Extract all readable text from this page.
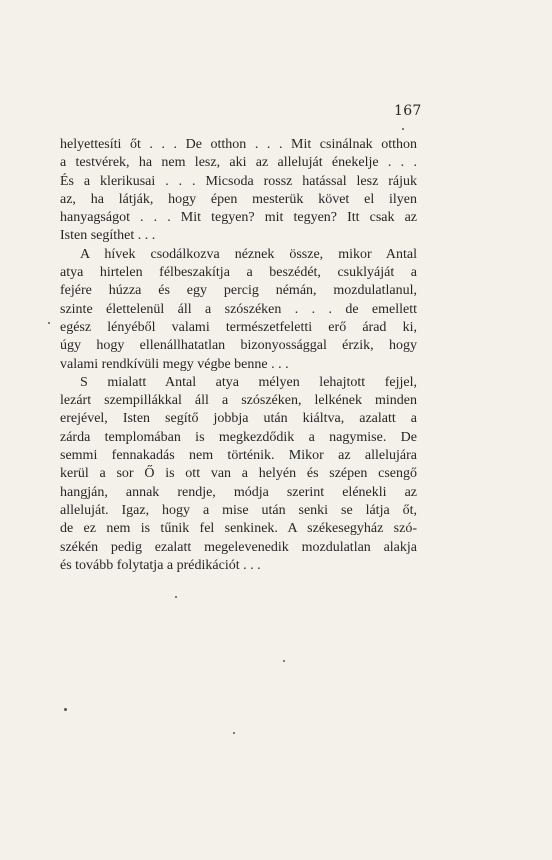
167
helyettesíti őt . . . De otthon . . . Mit csinálnak otthon
a testvérek, ha nem lesz, aki az alleluját énekelje . . .
És a klerikusai . . . Micsoda rossz hatással lesz rájuk
az, ha látják, hogy épen mesterük követ el ilyen
hanyagságot . . . Mit tegyen? mit tegyen? Itt csak az
Isten segíthet . . .
A hívek csodálkozva néznek össze, mikor Antal
atya hirtelen félbeszakítja a beszédét, csuklyáját a
fejére húzza és egy percig némán, mozdulatlanul,
szinte élettelenül áll a szószéken . . . de emellett
egész lényéből valami természetfeletti erő árad ki,
úgy hogy ellenállhatatlan bizonyossággal érzik, hogy
valami rendkívüli megy végbe benne . . .
S mialatt Antal atya mélyen lehajtott fejjel,
lezárt szempillákkal áll a szószéken, lelkének minden
erejével, Isten segítő jobbja után kiáltva, azalatt a
zárda templomában is megkezdődik a nagymise. De
semmi fennakadás nem történik. Mikor az allelujára
kerül a sor Ő is ott van a helyén és szépen csengő
hangján, annak rendje, módja szerint elénekli az
alleluját. Igaz, hogy a mise után senki se látja őt,
de ez nem is tűnik fel senkinek. A székesegyház szó-
székén pedig ezalatt megelevenedik mozdulatlan alakja
és tovább folytatja a prédikációt . . .
